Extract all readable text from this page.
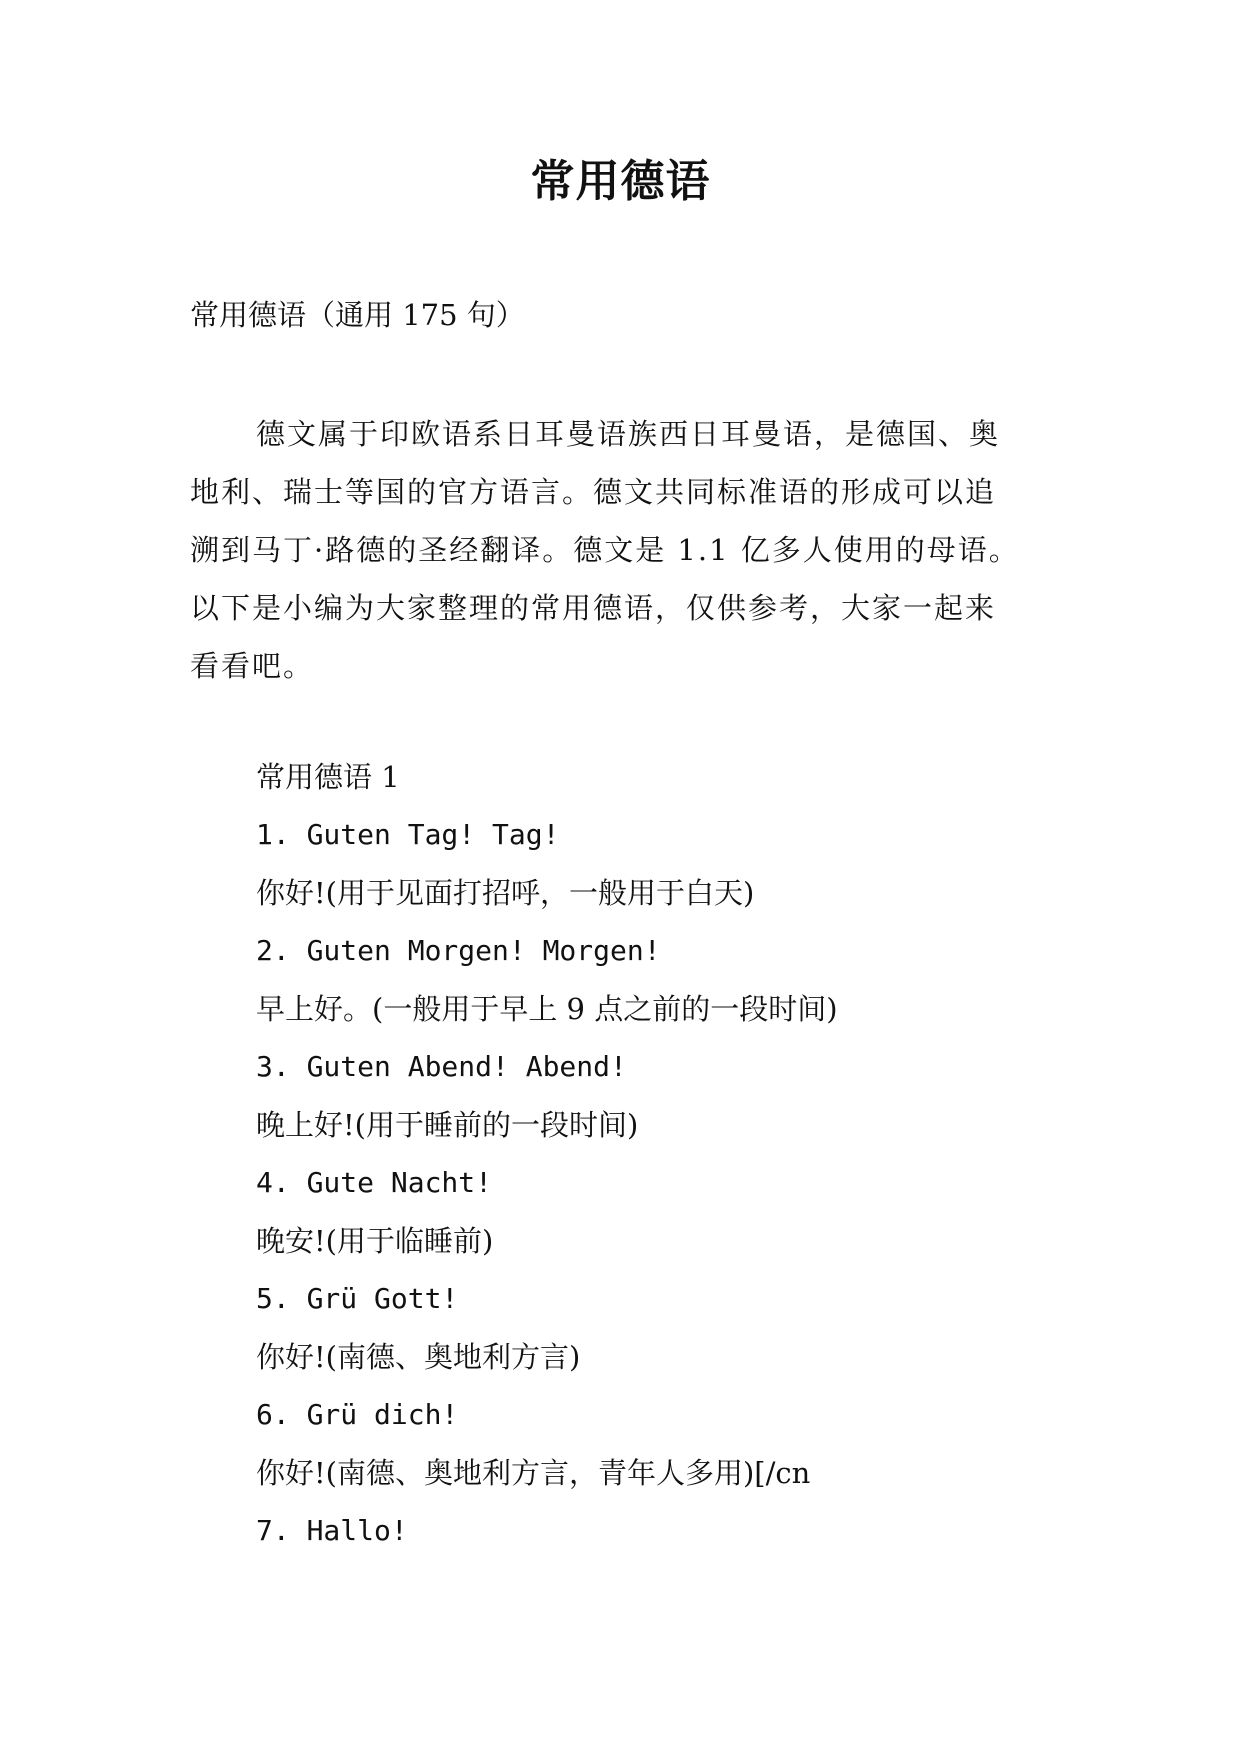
常用德语
常用德语（通用 175 句）
德文属于印欧语系日耳曼语族西日耳曼语，是德国、奥
地利、瑞士等国的官方语言。德文共同标准语的形成可以追
溯到马丁·路德的圣经翻译。德文是 1.1 亿多人使用的母语。
以下是小编为大家整理的常用德语，仅供参考，大家一起来
看看吧。
常用德语 1
1. Guten Tag! Tag!
你好!(用于见面打招呼，一般用于白天)
2. Guten Morgen! Morgen!
早上好。(一般用于早上 9 点之前的一段时间)
3. Guten Abend! Abend!
晚上好!(用于睡前的一段时间)
4. Gute Nacht!
晚安!(用于临睡前)
5. Grü Gott!
你好!(南德、奥地利方言)
6. Grü dich!
你好!(南德、奥地利方言，青年人多用)[/cn
7. Hallo!
